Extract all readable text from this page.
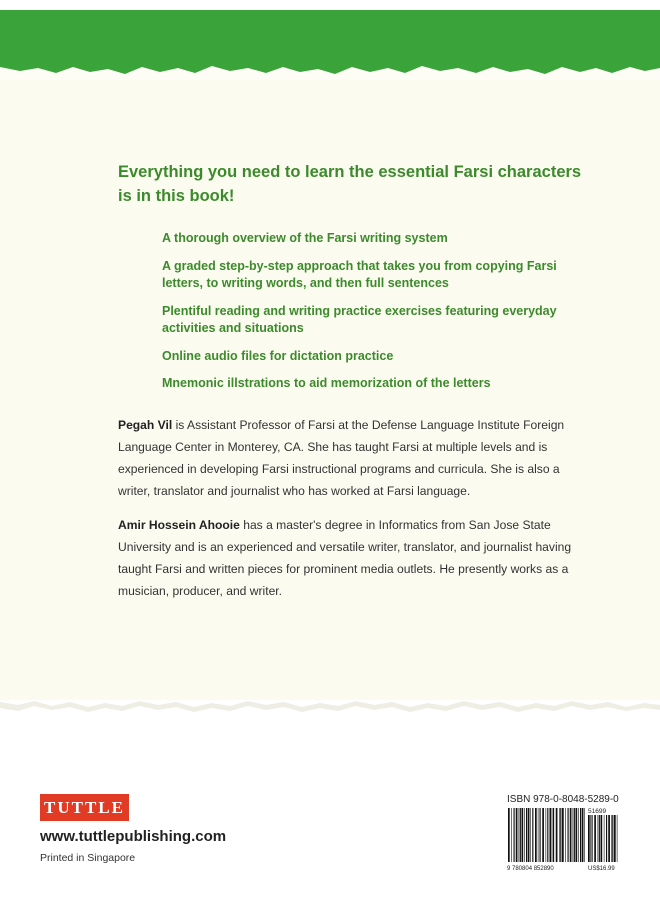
Everything you need to learn the essential Farsi characters is in this book!

A thorough overview of the Farsi writing system
A graded step-by-step approach that takes you from copying Farsi letters, to writing words, and then full sentences
Plentiful reading and writing practice exercises featuring everyday activities and situations
Online audio files for dictation practice
Mnemonic illstrations to aid memorization of the letters

Pegah Vil is Assistant Professor of Farsi at the Defense Language Institute Foreign Language Center in Monterey, CA. She has taught Farsi at multiple levels and is experienced in developing Farsi instructional programs and curricula. She is also a writer, translator and journalist who has worked at Farsi language.

Amir Hossein Ahooie has a master's degree in Informatics from San Jose State University and is an experienced and versatile writer, translator, and journalist having taught Farsi and written pieces for prominent media outlets. He presently works as a musician, producer, and writer.

TUTTLE

www.tuttlepublishing.com

Printed in Singapore

ISBN 978-0-8048-5289-0

51699
9 780804 852890	US$16.99
